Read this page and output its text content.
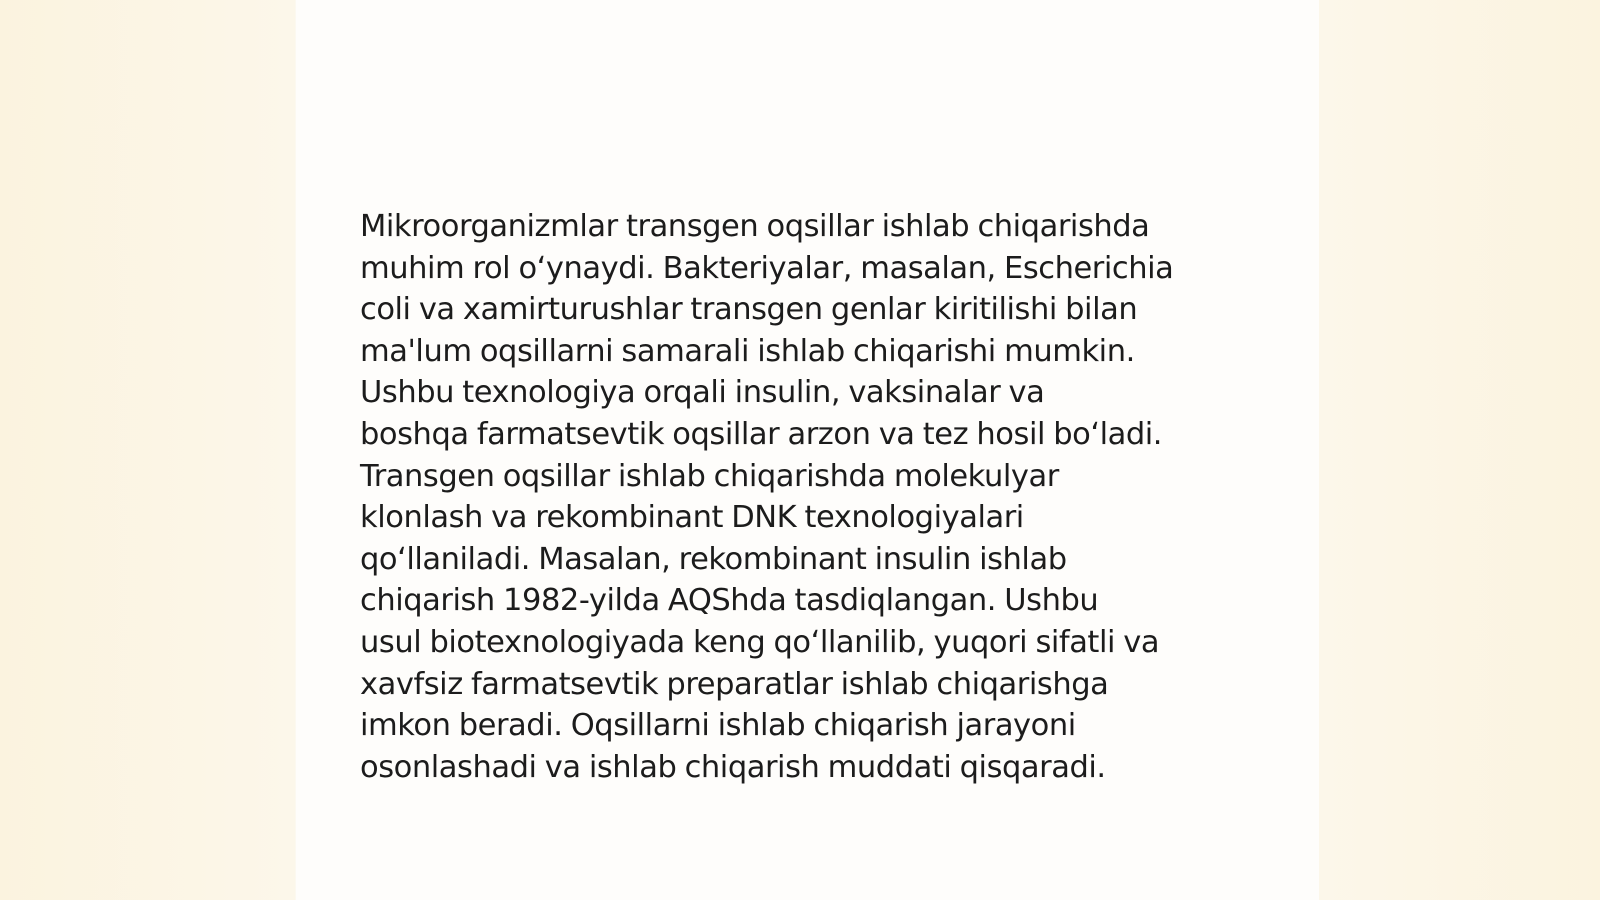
Mikroorganizmlar transgen oqsillar ishlab chiqarishda
muhim rol o‘ynaydi. Bakteriyalar, masalan, Escherichia
coli va xamirturushlar transgen genlar kiritilishi bilan
ma'lum oqsillarni samarali ishlab chiqarishi mumkin.
Ushbu texnologiya orqali insulin, vaksinalar va
boshqa farmatsevtik oqsillar arzon va tez hosil bo‘ladi.
Transgen oqsillar ishlab chiqarishda molekulyar
klonlash va rekombinant DNK texnologiyalari
qo‘llaniladi. Masalan, rekombinant insulin ishlab
chiqarish 1982-yilda AQShda tasdiqlangan. Ushbu
usul biotexnologiyada keng qo‘llanilib, yuqori sifatli va
xavfsiz farmatsevtik preparatlar ishlab chiqarishga
imkon beradi. Oqsillarni ishlab chiqarish jarayoni
osonlashadi va ishlab chiqarish muddati qisqaradi.
